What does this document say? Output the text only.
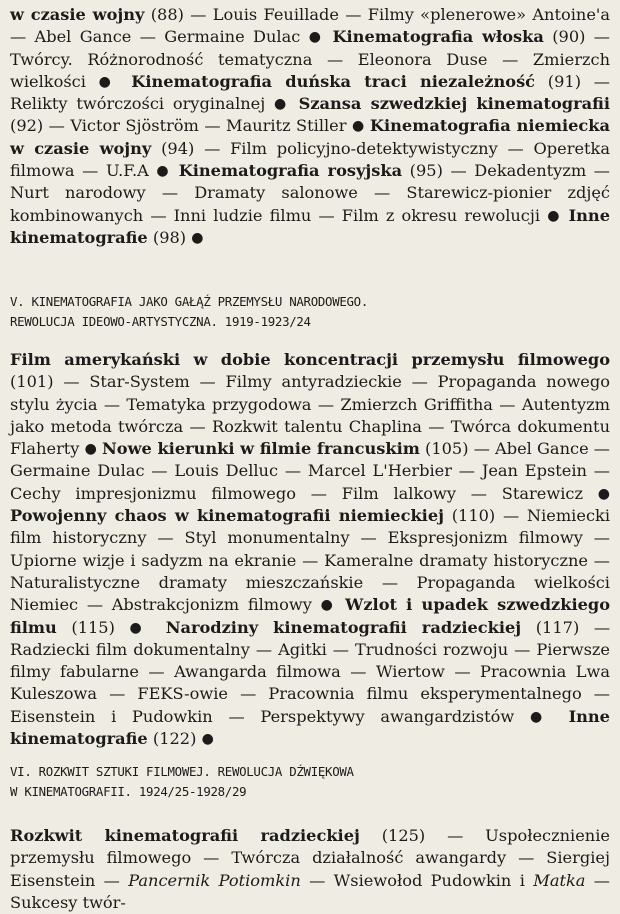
w czasie wojny (88) — Louis Feuillade — Filmy «plenerowe» Antoine'a — Abel Gance — Germaine Dulac ● Kinematografia włoska (90) — Twórcy. Różnorodność tematyczna — Eleonora Duse — Zmierzch wielkości ● Kinematografia duńska traci niezależność (91) — Relikty twórczości oryginalnej ● Szansa szwedzkiej kinematografii (92) — Victor Sjöström — Mauritz Stiller ● Kinematografia niemiecka w czasie wojny (94) — Film policyjno-detektywistyczny — Operetka filmowa — U.F.A ● Kinematografia rosyjska (95) — Dekadentyzm — Nurt narodowy — Dramaty salonowe — Starewicz-pionier zdjęć kombinowanych — Inni ludzie filmu — Film z okresu rewolucji ● Inne kinematografie (98) ●

V. KINEMATOGRAFIA JAKO GAŁĄŹ PRZEMYSŁU NARODOWEGO.

REWOLUCJA IDEOWO-ARTYSTYCZNA. 1919-1923/24

Film amerykański w dobie koncentracji przemysłu filmowego (101) — Star-System — Filmy antyradzieckie — Propaganda nowego stylu życia — Tematyka przygodowa — Zmierzch Griffitha — Autentyzm jako metoda twórcza — Rozkwit talentu Chaplina — Twórca dokumentu Flaherty ● Nowe kierunki w filmie francuskim (105) — Abel Gance — Germaine Dulac — Louis Delluc — Marcel L'Herbier — Jean Epstein — Cechy impresjonizmu filmowego — Film lalkowy — Starewicz ● Powojenny chaos w kinematografii niemieckiej (110) — Niemiecki film historyczny — Styl monumentalny — Ekspresjonizm filmowy — Upiorne wizje i sadyzm na ekranie — Kameralne dramaty historyczne — Naturalistyczne dramaty mieszczańskie — Propaganda wielkości Niemiec — Abstrakcjonizm filmowy ● Wzlot i upadek szwedzkiego filmu (115) ● Narodziny kinematografii radzieckiej (117) — Radziecki film dokumentalny — Agitki — Trudności rozwoju — Pierwsze filmy fabularne — Awangarda filmowa — Wiertow — Pracownia Lwa Kuleszowa — FEKS-owie — Pracownia filmu eksperymentalnego — Eisenstein i Pudowkin — Perspektywy awangardzistów ● Inne kinematografie (122) ●

VI. ROZKWIT SZTUKI FILMOWEJ. REWOLUCJA DŹWIĘKOWA

W KINEMATOGRAFII. 1924/25-1928/29

Rozkwit kinematografii radzieckiej (125) — Uspołecznienie przemysłu filmowego — Twórcza działalność awangardy — Siergiej Eisenstein — Pancernik Potiomkin — Wsiewołod Pudowkin i Matka — Sukcesy twór-
